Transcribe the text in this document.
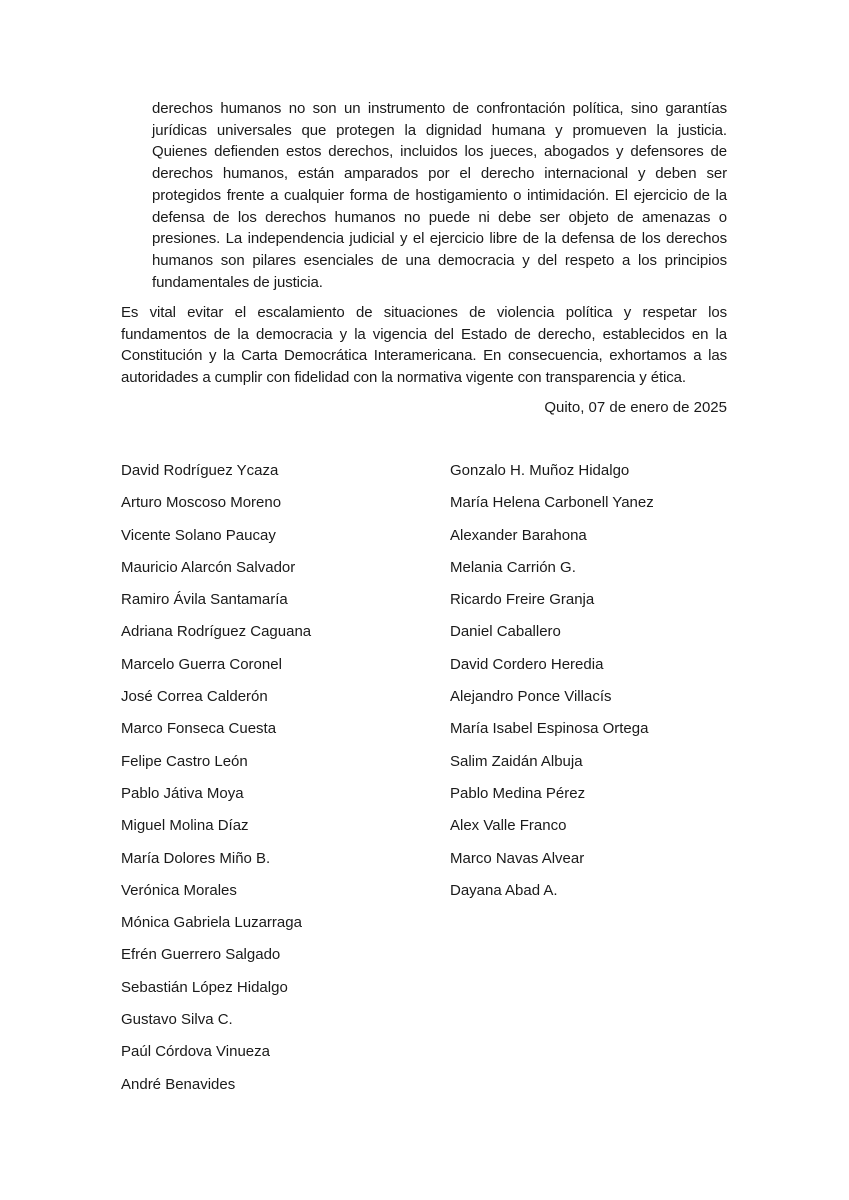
derechos humanos no son un instrumento de confrontación política, sino garantías jurídicas universales que protegen la dignidad humana y promueven la justicia. Quienes defienden estos derechos, incluidos los jueces, abogados y defensores de derechos humanos, están amparados por el derecho internacional y deben ser protegidos frente a cualquier forma de hostigamiento o intimidación. El ejercicio de la defensa de los derechos humanos no puede ni debe ser objeto de amenazas o presiones. La independencia judicial y el ejercicio libre de la defensa de los derechos humanos son pilares esenciales de una democracia y del respeto a los principios fundamentales de justicia.

Es vital evitar el escalamiento de situaciones de violencia política y respetar los fundamentos de la democracia y la vigencia del Estado de derecho, establecidos en la Constitución y la Carta Democrática Interamericana. En consecuencia, exhortamos a las autoridades a cumplir con fidelidad con la normativa vigente con transparencia y ética.

Quito, 07 de enero de 2025

David Rodríguez Ycaza
Arturo Moscoso Moreno
Vicente Solano Paucay
Mauricio Alarcón Salvador
Ramiro Ávila Santamaría
Adriana Rodríguez Caguana
Marcelo Guerra Coronel
José Correa Calderón
Marco Fonseca Cuesta
Felipe Castro León
Pablo Játiva Moya
Miguel Molina Díaz
María Dolores Miño B.
Verónica Morales
Mónica Gabriela Luzarraga
Efrén Guerrero Salgado
Sebastián López Hidalgo
Gustavo Silva C.
Paúl Córdova Vinueza
André Benavides
Gonzalo H. Muñoz Hidalgo
María Helena Carbonell Yanez
Alexander Barahona
Melania Carrión G.
Ricardo Freire Granja
Daniel Caballero
David Cordero Heredia
Alejandro Ponce Villacís
María Isabel Espinosa Ortega
Salim Zaidán Albuja
Pablo Medina Pérez
Alex Valle Franco
Marco Navas Alvear
Dayana Abad A.
